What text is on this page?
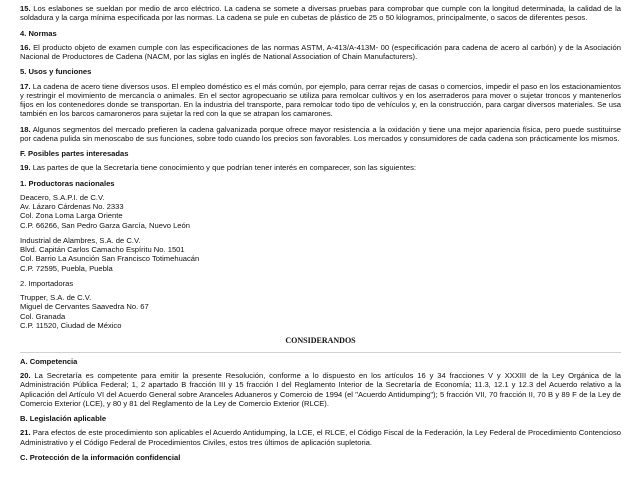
15. Los eslabones se sueldan por medio de arco eléctrico. La cadena se somete a diversas pruebas para comprobar que cumple con la longitud determinada, la calidad de la soldadura y la carga mínima especificada por las normas. La cadena se pule en cubetas de plástico de 25 o 50 kilogramos, principalmente, o sacos de diferentes pesos.

4. Normas

16. El producto objeto de examen cumple con las especificaciones de las normas ASTM, A-413/A-413M- 00 (especificación para cadena de acero al carbón) y de la Asociación Nacional de Productores de Cadena (NACM, por las siglas en inglés de National Association of Chain Manufacturers).

5. Usos y funciones

17. La cadena de acero tiene diversos usos. El empleo doméstico es el más común, por ejemplo, para cerrar rejas de casas o comercios, impedir el paso en los estacionamientos y restringir el movimiento de mercancía o animales. En el sector agropecuario se utiliza para remolcar cultivos y en los aserraderos para mover o sujetar troncos y mantenerlos fijos en los contenedores donde se transportan. En la industria del transporte, para remolcar todo tipo de vehículos y, en la construcción, para cargar diversos materiales. Se usa también en los barcos camaroneros para sujetar la red con la que se atrapan los camarones.

18. Algunos segmentos del mercado prefieren la cadena galvanizada porque ofrece mayor resistencia a la oxidación y tiene una mejor apariencia física, pero puede sustituirse por cadena pulida sin menoscabo de sus funciones, sobre todo cuando los precios son favorables. Los mercados y consumidores de cada cadena son prácticamente los mismos.

F. Posibles partes interesadas

19. Las partes de que la Secretaría tiene conocimiento y que podrían tener interés en comparecer, son las siguientes:

1. Productoras nacionales

Deacero, S.A.P.I. de C.V.

Av. Lázaro Cárdenas No. 2333

Col. Zona Loma Larga Oriente

C.P. 66266, San Pedro Garza García, Nuevo León

Industrial de Alambres, S.A. de C.V.

Blvd. Capitán Carlos Camacho Espíritu No. 1501

Col. Barrio La Asunción San Francisco Totimehuacán

C.P. 72595, Puebla, Puebla

2. Importadoras

Trupper, S.A. de C.V.

Miguel de Cervantes Saavedra No. 67

Col. Granada

C.P. 11520, Ciudad de México

CONSIDERANDOS

A. Competencia

20. La Secretaría es competente para emitir la presente Resolución, conforme a lo dispuesto en los artículos 16 y 34 fracciones V y XXXIII de la Ley Orgánica de la Administración Pública Federal; 1, 2 apartado B fracción III y 15 fracción I del Reglamento Interior de la Secretaría de Economía; 11.3, 12.1 y 12.3 del Acuerdo relativo a la Aplicación del Artículo VI del Acuerdo General sobre Aranceles Aduaneros y Comercio de 1994 (el "Acuerdo Antidumping"); 5 fracción VII, 70 fracción II, 70 B y 89 F de la Ley de Comercio Exterior (LCE), y 80 y 81 del Reglamento de la Ley de Comercio Exterior (RLCE).

B. Legislación aplicable

21. Para efectos de este procedimiento son aplicables el Acuerdo Antidumping, la LCE, el RLCE, el Código Fiscal de la Federación, la Ley Federal de Procedimiento Contencioso Administrativo y el Código Federal de Procedimientos Civiles, estos tres últimos de aplicación supletoria.

C. Protección de la información confidencial
